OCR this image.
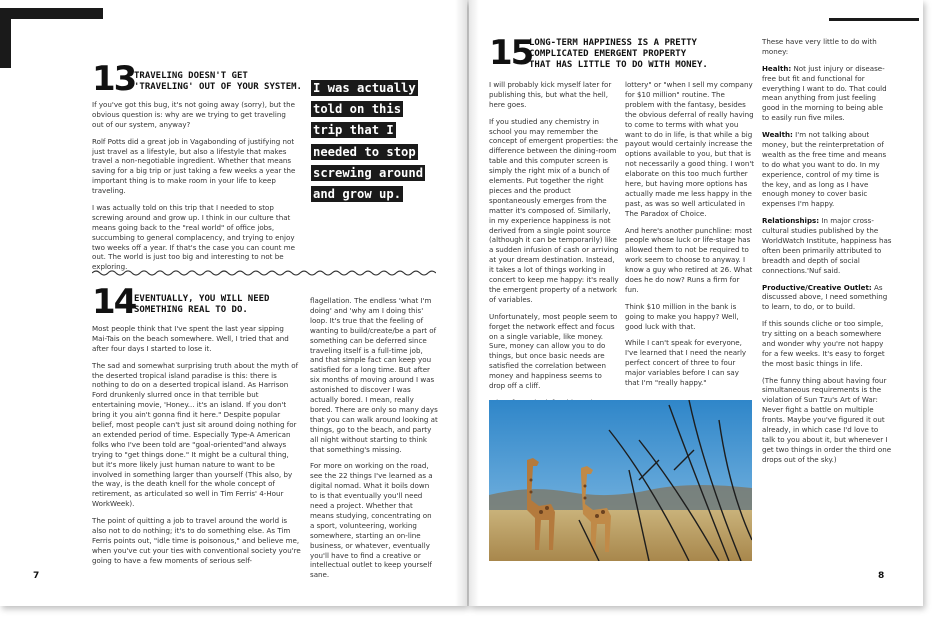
13
TRAVELING DOESN'T GET
'TRAVELING' OUT OF YOUR SYSTEM.

If you've got this bug, it's not going away (sorry), but the obvious question is: why are we trying to get traveling out of our system, anyway?

Rolf Potts did a great job in Vagabonding of justifying not just travel as a lifestyle, but also a lifestyle that makes travel a non-negotiable ingredient. Whether that means saving for a big trip or just taking a few weeks a year the important thing is to make room in your life to keep traveling.

I was actually told on this trip that I needed to stop screwing around and grow up. I think in our culture that means going back to the "real world" of office jobs, succumbing to general complacency, and trying to enjoy two weeks off a year. If that's the case you can count me out. The world is just too big and interesting to not be exploring.

I was actually told on this trip that I needed to stop screwing around and grow up.
14
EVENTUALLY, YOU WILL NEED
SOMETHING REAL TO DO.

Most people think that I've spent the last year sipping Mai-Tais on the beach somewhere. Well, I tried that and after four days I started to lose it.

The sad and somewhat surprising truth about the myth of the deserted tropical island paradise is this: there is nothing to do on a deserted tropical island. As Harrison Ford drunkenly slurred once in that terrible but entertaining movie, 'Honey... it's an island. If you don't bring it you ain't gonna find it here." Despite popular belief, most people can't just sit around doing nothing for an extended period of time. Especially Type-A American folks who I've been told are "goal-oriented"and always trying to "get things done." It might be a cultural thing, but it's more likely just human nature to want to be involved in something larger than yourself (This also, by the way, is the death knell for the whole concept of retirement, as articulated so well in Tim Ferris' 4-Hour WorkWeek).

The point of quitting a job to travel around the world is also not to do nothing; it's to do something else. As Tim Ferris points out, "idle time is poisonous," and believe me, when you've cut your ties with conventional society you're going to have a few moments of serious self-

flagellation. The endless 'what I'm doing' and 'why am I doing this' loop. It's true that the feeling of wanting to build/create/be a part of something can be deferred since traveling itself is a full-time job, and that simple fact can keep you satisfied for a long time. But after six months of moving around I was astonished to discover I was actually bored. I mean, really bored. There are only so many days that you can walk around looking at things, go to the beach, and party all night without starting to think that something's missing.

For more on working on the road, see the 22 things I've learned as a digital nomad. What it boils down to is that eventually you'll need need a project. Whether that means studying, concentrating on a sport, volunteering, working somewhere, starting an on-line business, or whatever, eventually you'll have to find a creative or intellectual outlet to keep yourself sane.

7
15
LONG-TERM HAPPINESS IS A PRETTY
COMPLICATED EMERGENT PROPERTY
THAT HAS LITTLE TO DO WITH MONEY.

I will probably kick myself later for publishing this, but what the hell, here goes.

If you studied any chemistry in school you may remember the concept of emergent properties: the difference between the dining-room table and this computer screen is simply the right mix of a bunch of elements. Put together the right pieces and the product spontaneously emerges from the matter it's composed of. Similarly, in my experience happiness is not derived from a single point source (although it can be temporarily) like a sudden infusion of cash or arriving at your dream destination. Instead, it takes a lot of things working in concert to keep me happy: it's really the emergent property of a network of variables.

Unfortunately, most people seem to forget the network effect and focus on a single variable, like money. Sure, money can allow you to do things, but once basic needs are satisfied the correlation between money and happiness seems to drop off a cliff.

lottery" or "when I sell my company for $10 million" routine. The problem with the fantasy, besides the obvious deferral of really having to come to terms with what you want to do in life, is that while a big payout would certainly increase the options available to you, but that is not necessarily a good thing. I won't elaborate on this too much further here, but having more options has actually made me less happy in the past, as was so well articulated in The Paradox of Choice.

And here's another punchline: most people whose luck or life-stage has allowed them to not be required to work seem to choose to anyway. I know a guy who retired at 26. What does he do now? Runs a firm for fun.

Think $10 million in the bank is going to make you happy? Well, good luck with that.

While I can't speak for everyone, I've learned that I need the nearly perfect concert of three to four major variables before I can say that I'm "really happy."

These have very little to do with money:

Health: Not just injury or disease-free but fit and functional for everything I want to do. That could mean anything from just feeling good in the morning to being able to easily run five miles.

Wealth: I'm not talking about money, but the reinterpretation of wealth as the free time and means to do what you want to do. In my experience, control of my time is the key, and as long as I have enough money to cover basic expenses I'm happy.

Relationships: In major cross-cultural studies published by the WorldWatch Institute, happiness has often been primarily attributed to breadth and depth of social connections.'Nuf said.

Productive/Creative Outlet: As discussed above, I need something to learn, to do, or to build.

If this sounds cliche or too simple, try sitting on a beach somewhere and wonder why you're not happy for a few weeks. It's easy to forget the most basic things in life.

(The funny thing about having four simultaneous requirements is the violation of Sun Tzu's Art of War: Never fight a battle on multiple fronts. Maybe you've figured it out already, in which case I'd love to talk to you about it, but whenever I get two things in order the third one drops out of the sky.)

8
